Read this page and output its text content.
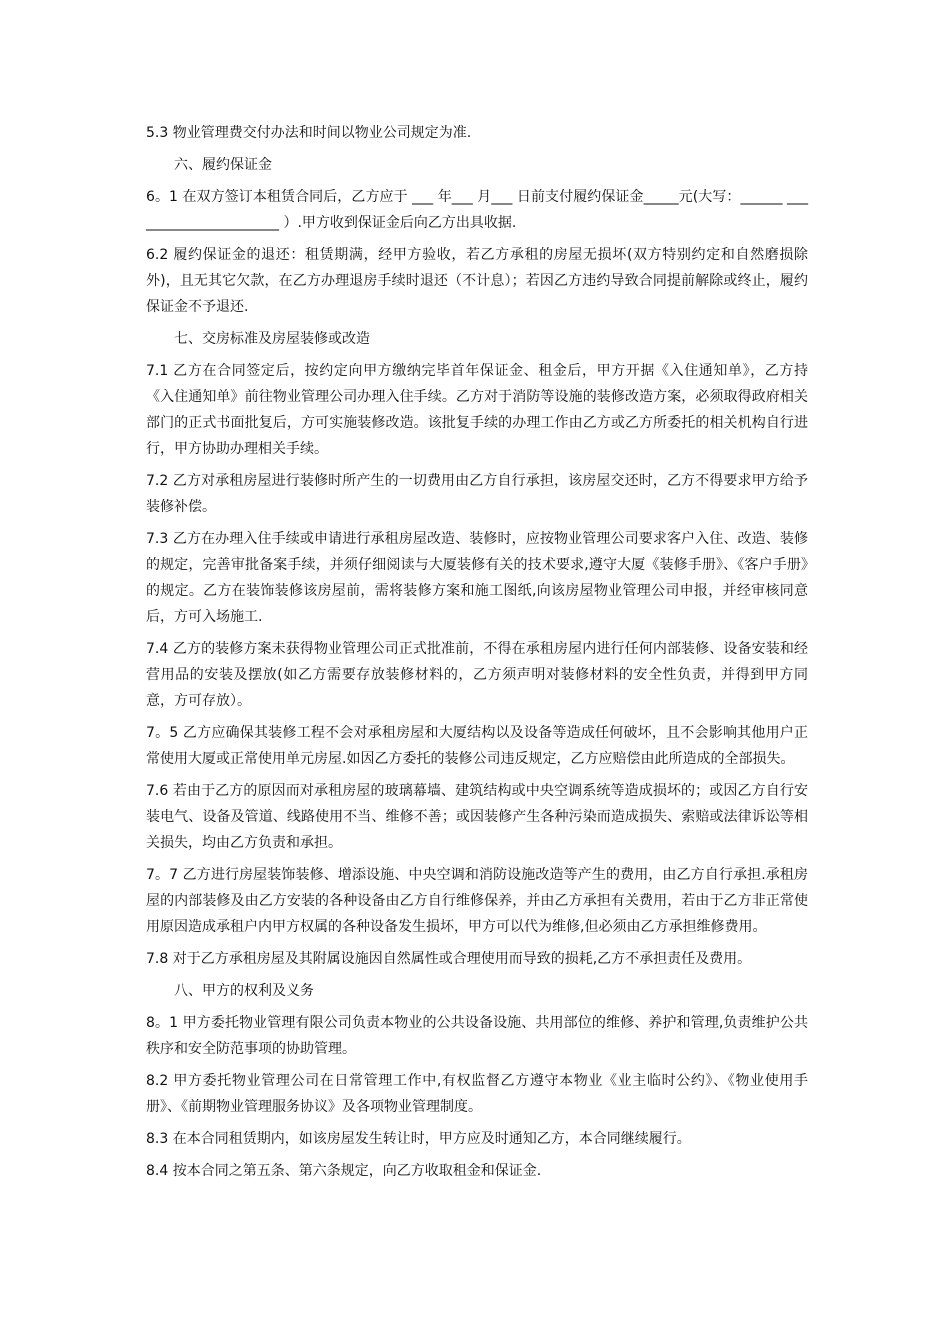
5.3 物业管理费交付办法和时间以物业公司规定为准.

六、履约保证金

6。1 在双方签订本租赁合同后，乙方应于 ___ 年___ 月___ 日前支付履约保证金_____元(大写：______ ______________________ ）.甲方收到保证金后向乙方出具收据.

6.2 履约保证金的退还：租赁期满，经甲方验收，若乙方承租的房屋无损坏(双方特别约定和自然磨损除外)，且无其它欠款，在乙方办理退房手续时退还（不计息）；若因乙方违约导致合同提前解除或终止，履约保证金不予退还.

七、交房标准及房屋装修或改造

7.1 乙方在合同签定后，按约定向甲方缴纳完毕首年保证金、租金后，甲方开据《入住通知单》，乙方持《入住通知单》前往物业管理公司办理入住手续。乙方对于消防等设施的装修改造方案，必须取得政府相关部门的正式书面批复后，方可实施装修改造。该批复手续的办理工作由乙方或乙方所委托的相关机构自行进行，甲方协助办理相关手续。

7.2 乙方对承租房屋进行装修时所产生的一切费用由乙方自行承担，该房屋交还时，乙方不得要求甲方给予装修补偿。

7.3 乙方在办理入住手续或申请进行承租房屋改造、装修时，应按物业管理公司要求客户入住、改造、装修的规定，完善审批备案手续，并须仔细阅读与大厦装修有关的技术要求,遵守大厦《装修手册》、《客户手册》的规定。乙方在装饰装修该房屋前，需将装修方案和施工图纸,向该房屋物业管理公司申报，并经审核同意后，方可入场施工.

7.4 乙方的装修方案未获得物业管理公司正式批准前，不得在承租房屋内进行任何内部装修、设备安装和经营用品的安装及摆放(如乙方需要存放装修材料的，乙方须声明对装修材料的安全性负责，并得到甲方同意，方可存放）。

7。5 乙方应确保其装修工程不会对承租房屋和大厦结构以及设备等造成任何破坏，且不会影响其他用户正常使用大厦或正常使用单元房屋.如因乙方委托的装修公司违反规定，乙方应赔偿由此所造成的全部损失。

7.6 若由于乙方的原因而对承租房屋的玻璃幕墙、建筑结构或中央空调系统等造成损坏的；或因乙方自行安装电气、设备及管道、线路使用不当、维修不善；或因装修产生各种污染而造成损失、索赔或法律诉讼等相关损失，均由乙方负责和承担。

7。7 乙方进行房屋装饰装修、增添设施、中央空调和消防设施改造等产生的费用，由乙方自行承担.承租房屋的内部装修及由乙方安装的各种设备由乙方自行维修保养，并由乙方承担有关费用，若由于乙方非正常使用原因造成承租户内甲方权属的各种设备发生损坏，甲方可以代为维修,但必须由乙方承担维修费用。

7.8 对于乙方承租房屋及其附属设施因自然属性或合理使用而导致的损耗,乙方不承担责任及费用。

八、甲方的权利及义务

8。1 甲方委托物业管理有限公司负责本物业的公共设备设施、共用部位的维修、养护和管理,负责维护公共秩序和安全防范事项的协助管理。

8.2 甲方委托物业管理公司在日常管理工作中,有权监督乙方遵守本物业《业主临时公约》、《物业使用手册》、《前期物业管理服务协议》及各项物业管理制度。

8.3 在本合同租赁期内，如该房屋发生转让时，甲方应及时通知乙方，本合同继续履行。

8.4 按本合同之第五条、第六条规定，向乙方收取租金和保证金.
